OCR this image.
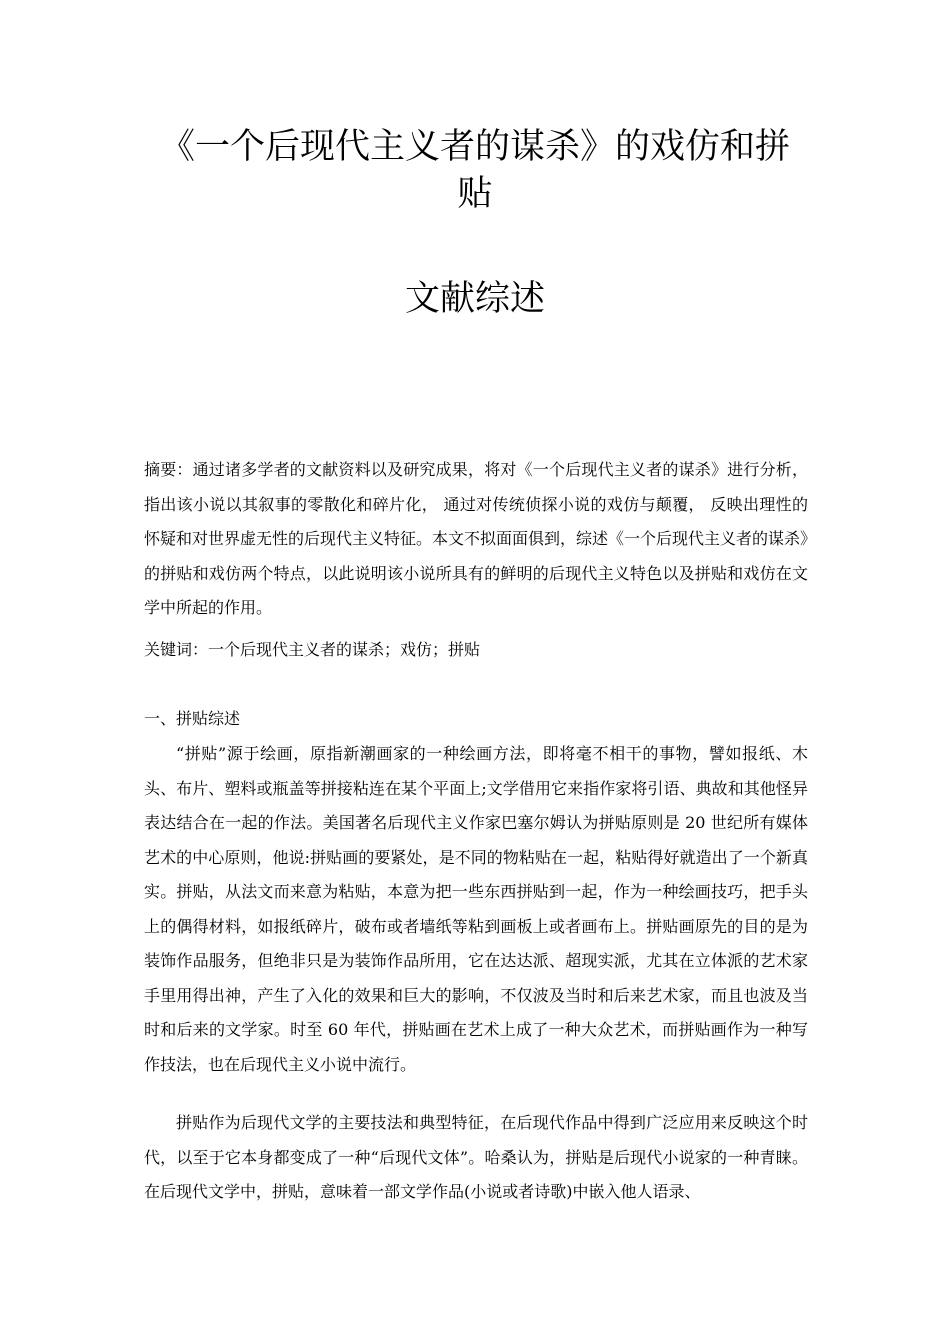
《一个后现代主义者的谋杀》的戏仿和拼贴
文献综述

摘要：通过诸多学者的文献资料以及研究成果，将对《一个后现代主义者的谋杀》进行分析， 指出该小说以其叙事的零散化和碎片化， 通过对传统侦探小说的戏仿与颠覆， 反映出理性的怀疑和对世界虚无性的后现代主义特征。本文不拟面面俱到，综述《一个后现代主义者的谋杀》的拼贴和戏仿两个特点，以此说明该小说所具有的鲜明的后现代主义特色以及拼贴和戏仿在文学中所起的作用。

关键词：一个后现代主义者的谋杀；戏仿；拼贴

一、拼贴综述

“拼贴”源于绘画，原指新潮画家的一种绘画方法，即将毫不相干的事物，譬如报纸、木头、布片、塑料或瓶盖等拼接粘连在某个平面上;文学借用它来指作家将引语、典故和其他怪异表达结合在一起的作法。美国著名后现代主义作家巴塞尔姆认为拼贴原则是 20 世纪所有媒体艺术的中心原则，他说:拼贴画的要紧处，是不同的物粘贴在一起，粘贴得好就造出了一个新真实。拼贴，从法文而来意为粘贴，本意为把一些东西拼贴到一起，作为一种绘画技巧，把手头上的偶得材料，如报纸碎片，破布或者墙纸等粘到画板上或者画布上。拼贴画原先的目的是为装饰作品服务，但绝非只是为装饰作品所用，它在达达派、超现实派，尤其在立体派的艺术家手里用得出神，产生了入化的效果和巨大的影响，不仅波及当时和后来艺术家，而且也波及当时和后来的文学家。时至 60 年代，拼贴画在艺术上成了一种大众艺术，而拼贴画作为一种写作技法，也在后现代主义小说中流行。

拼贴作为后现代文学的主要技法和典型特征，在后现代作品中得到广泛应用来反映这个时代，以至于它本身都变成了一种“后现代文体”。哈桑认为，拼贴是后现代小说家的一种青睐。在后现代文学中，拼贴，意味着一部文学作品(小说或者诗歌)中嵌入他人语录、
